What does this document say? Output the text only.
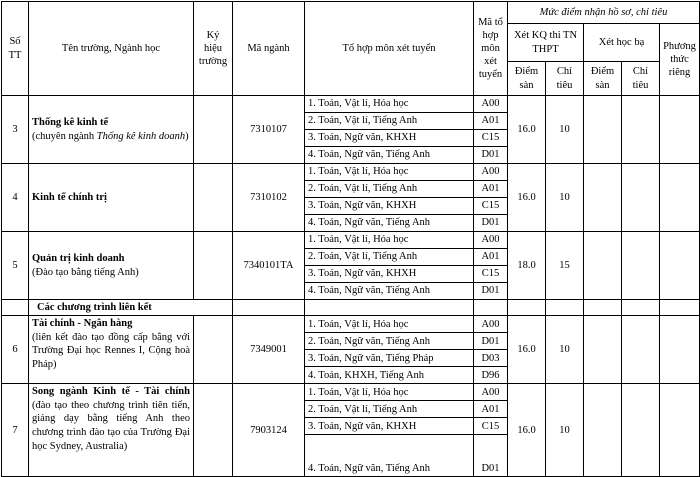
Số TT	Tên trường, Ngành học	Ký hiệu trường	Mã ngành	Tổ hợp môn xét tuyển	Mã tổ hợp môn xét tuyển	Mức điểm nhận hồ sơ, chỉ tiêu				
						Xét KQ thi TN THPT		Xét học bạ		Phương thức riêng
						Điểm sàn	Chỉ tiêu	Điểm sàn	Chỉ tiêu	
3	Thống kê kinh tế
(chuyên ngành Thống kê kinh doanh)		7310107	1. Toán, Vật lí, Hóa học	A00	16.0	10			
				2. Toán, Vật lí, Tiếng Anh	A01					
				3. Toán, Ngữ văn, KHXH	C15					
				4. Toán, Ngữ văn, Tiếng Anh	D01					
4	Kinh tế chính trị		7310102	1. Toán, Vật lí, Hóa học	A00	16.0	10			
				2. Toán, Vật lí, Tiếng Anh	A01					
				3. Toán, Ngữ văn, KHXH	C15					
				4. Toán, Ngữ văn, Tiếng Anh	D01					
5	Quản trị kinh doanh
(Đào tạo bằng tiếng Anh)		7340101TA	1. Toán, Vật lí, Hóa học	A00	18.0	15			
				2. Toán, Vật lí, Tiếng Anh	A01					
				3. Toán, Ngữ văn, KHXH	C15					
				4. Toán, Ngữ văn, Tiếng Anh	D01					
	Các chương trình liên kết									
6	Tài chính - Ngân hàng
(liên kết đào tạo đồng cấp bằng với Trường Đại học Rennes I, Cộng hoà Pháp)		7349001	1. Toán, Vật lí, Hóa học	A00	16.0	10			
				2. Toán, Ngữ văn, Tiếng Anh	D01					
				3. Toán, Ngữ văn, Tiếng Pháp	D03					
				4. Toán, KHXH, Tiếng Anh	D96					
7	Song ngành Kinh tế - Tài chính (đào tạo theo chương trình tiên tiến, giảng dạy bằng tiếng Anh theo chương trình đào tạo của Trường Đại học Sydney, Australia)		7903124	1. Toán, Vật lí, Hóa học	A00	16.0	10			
				2. Toán, Vật lí, Tiếng Anh	A01					
				3. Toán, Ngữ văn, KHXH	C15					
				4. Toán, Ngữ văn, Tiếng Anh	D01					
